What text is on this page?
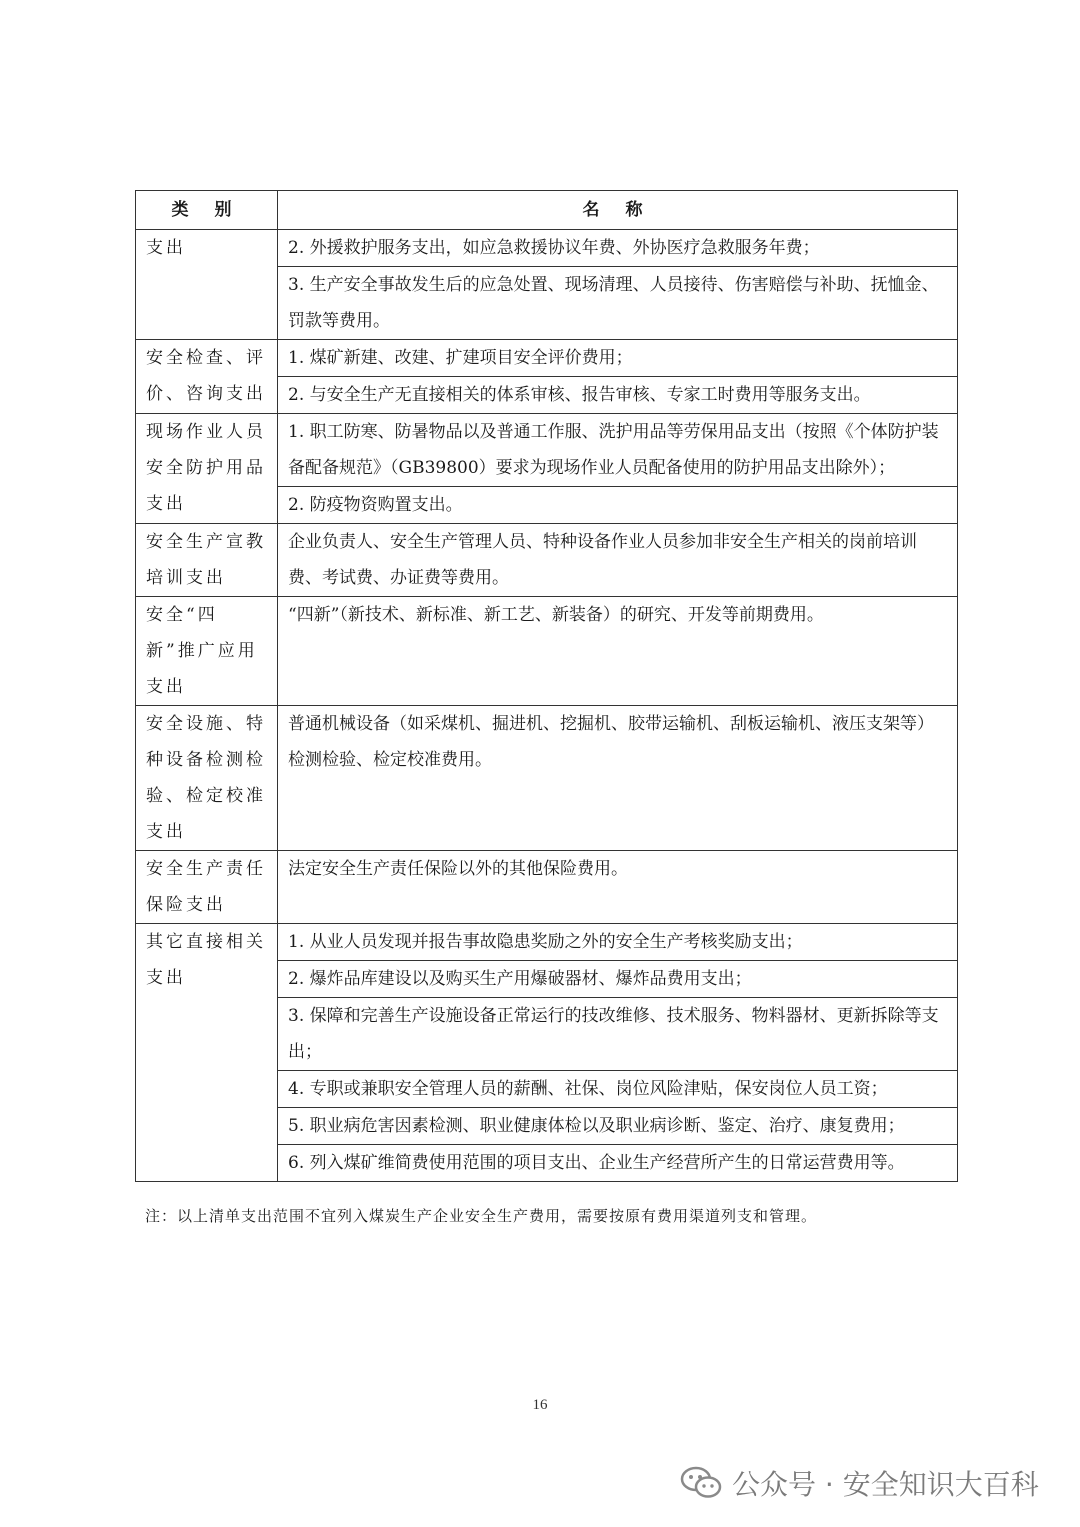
类 别	名 称
支出	2. 外援救护服务支出，如应急救援协议年费、外协医疗急救服务年费；
	3. 生产安全事故发生后的应急处置、现场清理、人员接待、伤害赔偿与补助、抚恤金、罚款等费用。
安全检查、评价、咨询支出	1. 煤矿新建、改建、扩建项目安全评价费用；
	2. 与安全生产无直接相关的体系审核、报告审核、专家工时费用等服务支出。
现场作业人员安全防护用品支出	1. 职工防寒、防暑物品以及普通工作服、洗护用品等劳保用品支出（按照《个体防护装备配备规范》（GB39800）要求为现场作业人员配备使用的防护用品支出除外）；
	2. 防疫物资购置支出。
安全生产宣教培训支出	企业负责人、安全生产管理人员、特种设备作业人员参加非安全生产相关的岗前培训费、考试费、办证费等费用。
安全“四新”推广应用支出	“四新”（新技术、新标准、新工艺、新装备）的研究、开发等前期费用。
安全设施、特种设备检测检验、检定校准支出	普通机械设备（如采煤机、掘进机、挖掘机、胶带运输机、刮板运输机、液压支架等）检测检验、检定校准费用。
安全生产责任保险支出	法定安全生产责任保险以外的其他保险费用。
其它直接相关支出	1. 从业人员发现并报告事故隐患奖励之外的安全生产考核奖励支出；
	2. 爆炸品库建设以及购买生产用爆破器材、爆炸品费用支出；
	3. 保障和完善生产设施设备正常运行的技改维修、技术服务、物料器材、更新拆除等支出；
	4. 专职或兼职安全管理人员的薪酬、社保、岗位风险津贴，保安岗位人员工资；
	5. 职业病危害因素检测、职业健康体检以及职业病诊断、鉴定、治疗、康复费用；
	6. 列入煤矿维简费使用范围的项目支出、企业生产经营所产生的日常运营费用等。
注：以上清单支出范围不宜列入煤炭生产企业安全生产费用，需要按原有费用渠道列支和管理。
16
公众号 · 安全知识大百科
